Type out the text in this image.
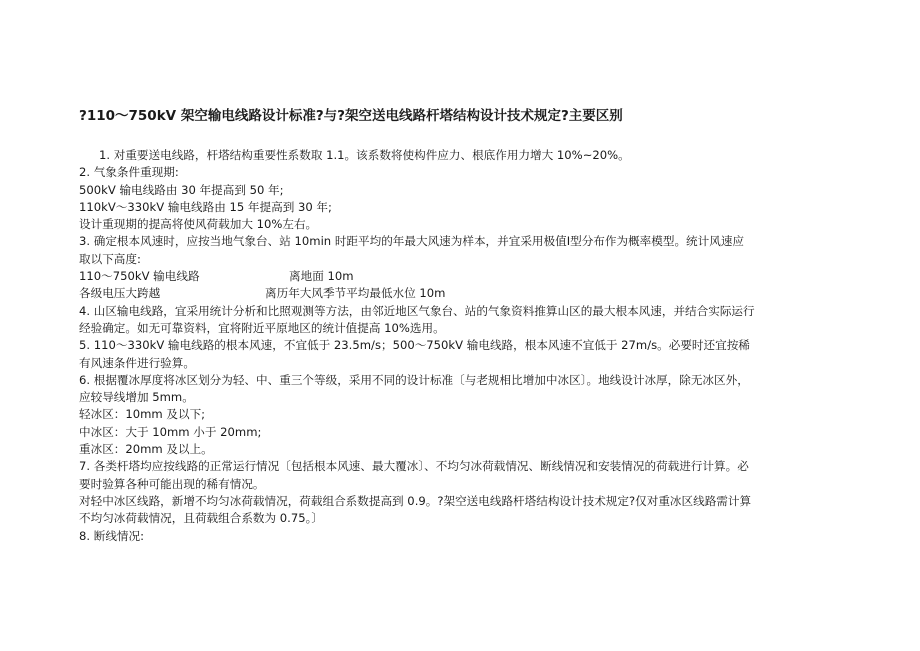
?110～750kV 架空输电线路设计标准?与?架空送电线路杆塔结构设计技术规定?主要区别
1. 对重要送电线路，杆塔结构重要性系数取 1.1。该系数将使构件应力、根底作用力增大 10%~20%。
2. 气象条件重现期:
500kV 输电线路由 30 年提高到 50 年;
110kV～330kV 输电线路由 15 年提高到 30 年;
设计重现期的提高将使风荷载加大 10%左右。
3. 确定根本风速时，应按当地气象台、站 10min 时距平均的年最大风速为样本，并宜采用极值Ⅰ型分布作为概率模型。统计风速应
取以下高度:
110～750kV 输电线路	离地面 10m
各级电压大跨越	离历年大风季节平均最低水位 10m
4. 山区输电线路，宜采用统计分析和比照观测等方法，由邻近地区气象台、站的气象资料推算山区的最大根本风速，并结合实际运行
经验确定。如无可靠资料，宜将附近平原地区的统计值提高 10%选用。
5. 110～330kV 输电线路的根本风速，不宜低于 23.5m/s；500～750kV 输电线路，根本风速不宜低于 27m/s。必要时还宜按稀
有风速条件进行验算。
6. 根据覆冰厚度将冰区划分为轻、中、重三个等级，采用不同的设计标准〔与老规相比增加中冰区〕。地线设计冰厚，除无冰区外，
应较导线增加 5mm。
轻冰区：10mm 及以下;
中冰区：大于 10mm 小于 20mm;
重冰区：20mm 及以上。
7. 各类杆塔均应按线路的正常运行情况〔包括根本风速、最大覆冰〕、不均匀冰荷载情况、断线情况和安装情况的荷载进行计算。必
要时验算各种可能出现的稀有情况。
对轻中冰区线路，新增不均匀冰荷载情况，荷载组合系数提高到 0.9。?架空送电线路杆塔结构设计技术规定?仅对重冰区线路需计算
不均匀冰荷载情况，且荷载组合系数为 0.75。〕
8. 断线情况:
